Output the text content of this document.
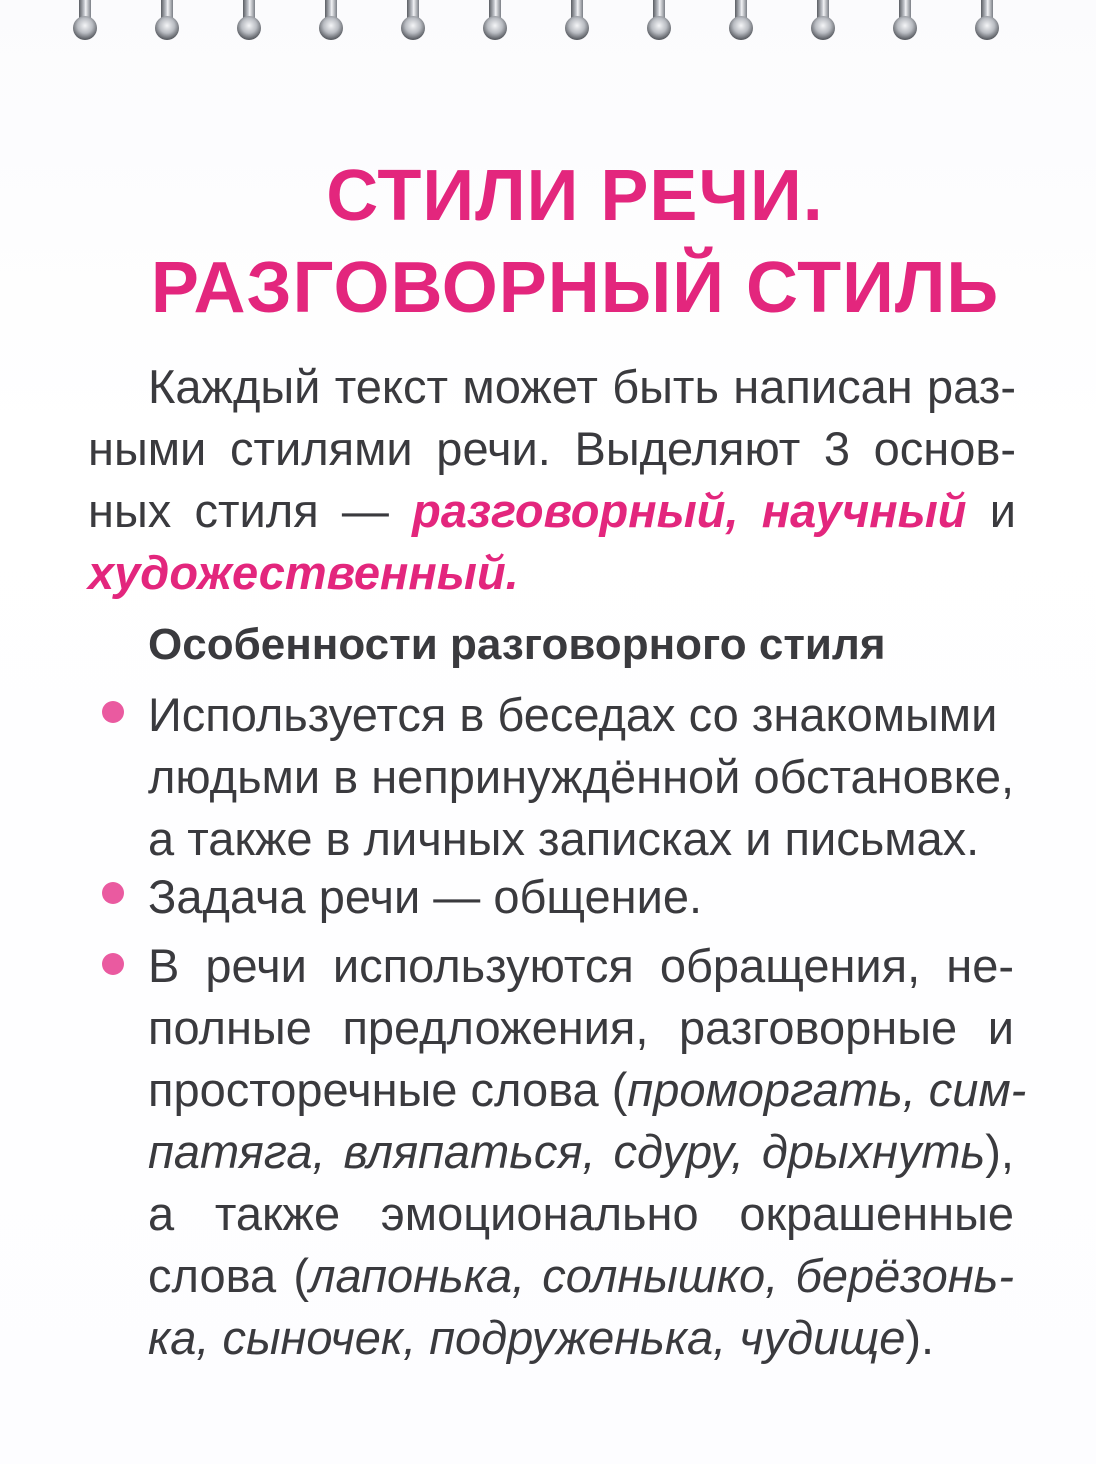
СТИЛИ РЕЧИ.
РАЗГОВОРНЫЙ СТИЛЬ
Каждый текст может быть написан раз-
ными стилями речи. Выделяют 3 основ-
ных стиля — разговорный, научный и
художественный.
Особенности разговорного стиля
Используется в беседах со знакомыми
людьми в непринуждённой обстановке,
а также в личных записках и письмах.
Задача речи — общение.
В речи используются обращения, не-
полные предложения, разговорные и
просторечные слова (проморгать, сим-
патяга, вляпаться, сдуру, дрыхнуть),
а также эмоционально окрашенные
слова (лапонька, солнышко, берёзонь-
ка, сыночек, подруженька, чудище).
